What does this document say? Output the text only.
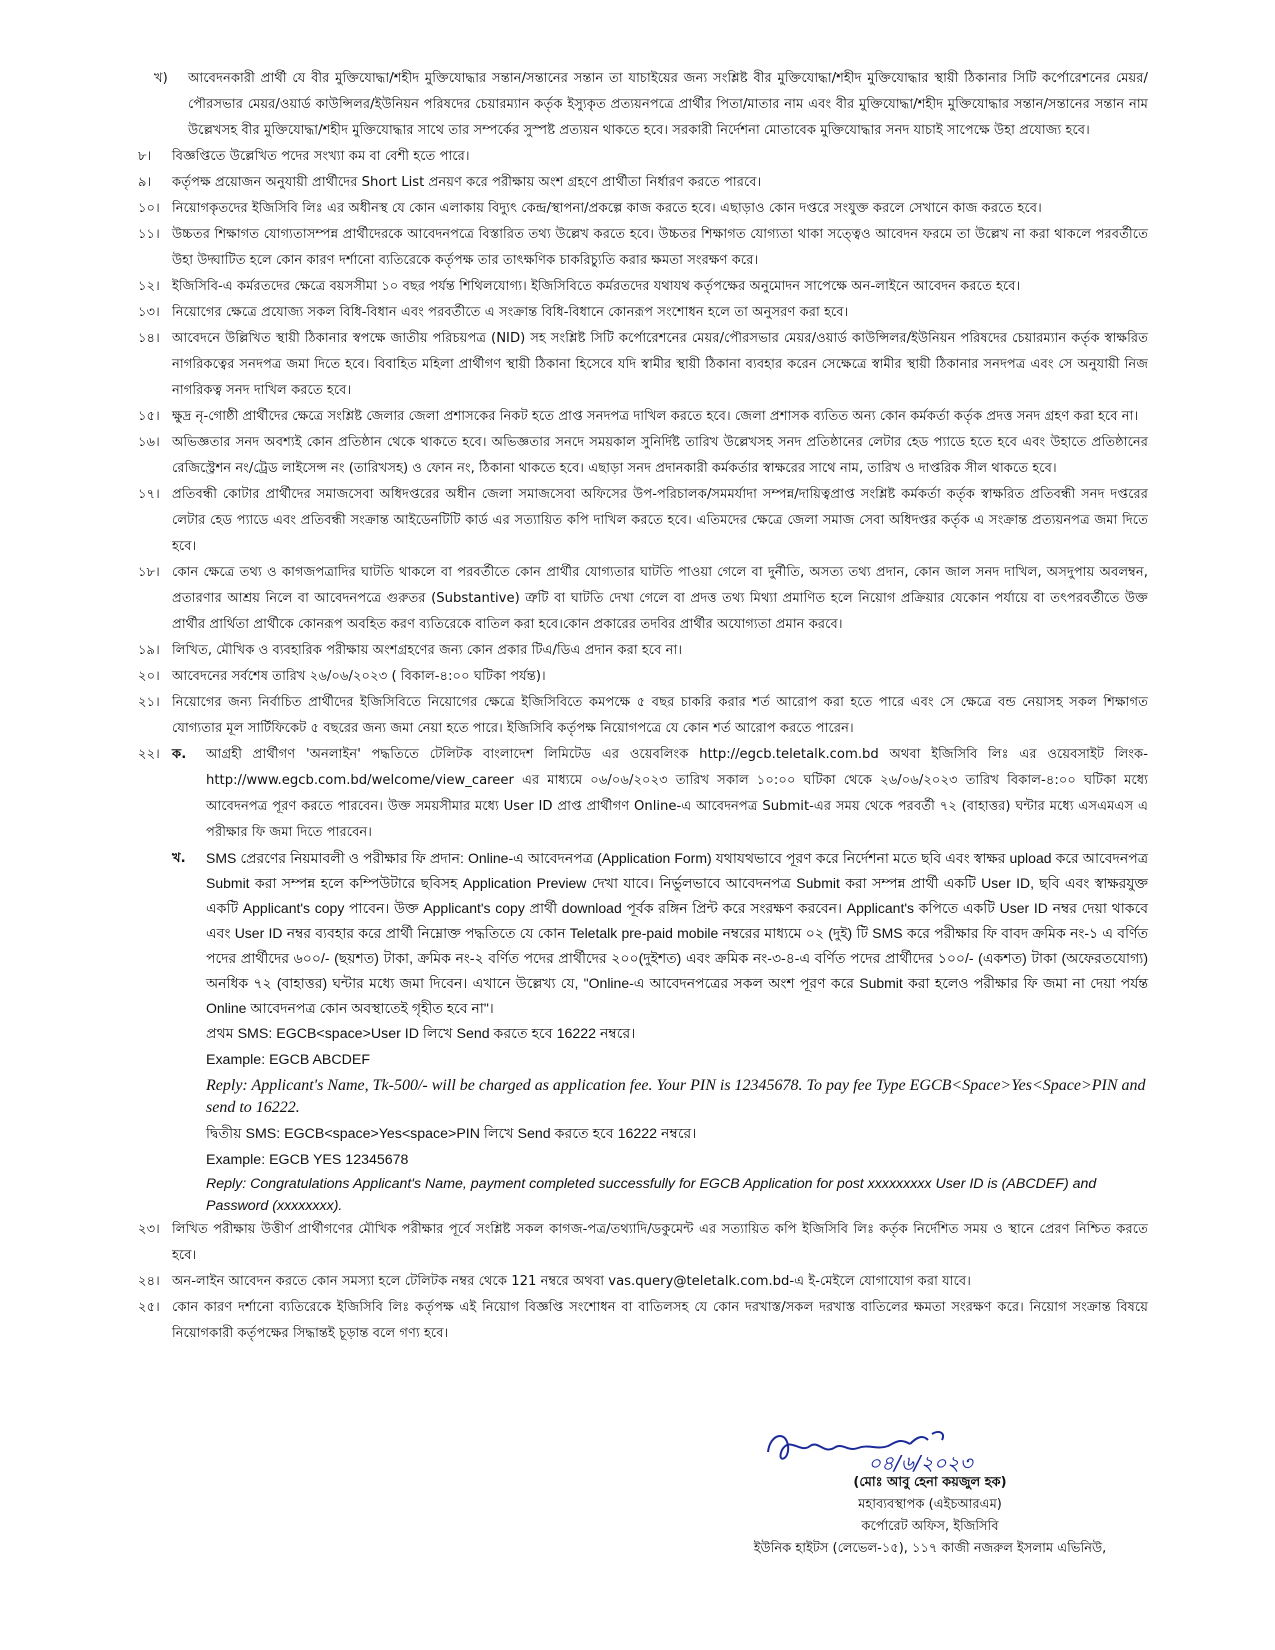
খ)	আবেদনকারী প্রার্থী যে বীর মুক্তিযোদ্ধা/শহীদ মুক্তিযোদ্ধার সন্তান/সন্তানের সন্তান তা যাচাইয়ের জন্য সংশ্লিষ্ট বীর মুক্তিযোদ্ধা/শহীদ মুক্তিযোদ্ধার স্থায়ী ঠিকানার সিটি কর্পোরেশনের মেয়র/পৌরসভার মেয়র/ওয়ার্ড কাউন্সিলর/ইউনিয়ন পরিষদের চেয়ারম্যান কর্তৃক ইস্যুকৃত প্রত্যয়নপত্রে প্রার্থীর পিতা/মাতার নাম এবং বীর মুক্তিযোদ্ধা/শহীদ মুক্তিযোদ্ধার সন্তান/সন্তানের সন্তান নাম উল্লেখসহ বীর মুক্তিযোদ্ধা/শহীদ মুক্তিযোদ্ধার সাথে তার সম্পর্কের সুস্পষ্ট প্রত্যয়ন থাকতে হবে। সরকারী নির্দেশনা মোতাবেক মুক্তিযোদ্ধার সনদ যাচাই সাপেক্ষে উহা প্রযোজ্য হবে।
৮।	বিজ্ঞপ্তিতে উল্লেখিত পদের সংখ্যা কম বা বেশী হতে পারে।
৯।	কর্তৃপক্ষ প্রয়োজন অনুযায়ী প্রার্থীদের Short List প্রনয়ণ করে পরীক্ষায় অংশ গ্রহণে প্রার্থীতা নির্ধারণ করতে পারবে।
১০। নিয়োগকৃতদের ইজিসিবি লিঃ এর অধীনস্থ যে কোন এলাকায় বিদ্যুৎ কেন্দ্র/স্থাপনা/প্রকল্পে কাজ করতে হবে। এছাড়াও কোন দপ্তরে সংযুক্ত করলে সেখানে কাজ করতে হবে।
১১। উচ্চতর শিক্ষাগত যোগ্যতাসম্পন্ন প্রার্থীদেরকে আবেদনপত্রে বিস্তারিত তথ্য উল্লেখ করতে হবে। উচ্চতর শিক্ষাগত যোগ্যতা থাকা সত্ত্বেও আবেদন ফরমে তা উল্লেখ না করা থাকলে পরবর্তীতে উহা উদ্ঘাটিত হলে কোন কারণ দর্শানো ব্যতিরেকে কর্তৃপক্ষ তার তাৎক্ষণিক চাকরিচ্যুতি করার ক্ষমতা সংরক্ষণ করে।
১২। ইজিসিবি-এ কর্মরতদের ক্ষেত্রে বয়সসীমা ১০ বছর পর্যন্ত শিথিলযোগ্য। ইজিসিবিতে কর্মরতদের যথাযথ কর্তৃপক্ষের অনুমোদন সাপেক্ষে অন-লাইনে আবেদন করতে হবে।
১৩। নিয়োগের ক্ষেত্রে প্রযোজ্য সকল বিধি-বিধান এবং পরবর্তীতে এ সংক্রান্ত বিধি-বিধানে কোনরূপ সংশোধন হলে তা অনুসরণ করা হবে।
১৪। আবেদনে উল্লিখিত স্থায়ী ঠিকানার স্বপক্ষে জাতীয় পরিচয়পত্র (NID) সহ সংশ্লিষ্ট সিটি কর্পোরেশনের মেয়র/পৌরসভার মেয়র/ওয়ার্ড কাউন্সিলর/ইউনিয়ন পরিষদের চেয়ারম্যান কর্তৃক স্বাক্ষরিত নাগরিকত্বের সনদপত্র জমা দিতে হবে। বিবাহিত মহিলা প্রার্থীগণ স্থায়ী ঠিকানা হিসেবে যদি স্বামীর স্থায়ী ঠিকানা ব্যবহার করেন সেক্ষেত্রে স্বামীর স্থায়ী ঠিকানার সনদপত্র এবং সে অনুযায়ী নিজ নাগরিকত্ব সনদ দাখিল করতে হবে।
১৫। ক্ষুদ্র নৃ-গোষ্ঠী প্রার্থীদের ক্ষেত্রে সংশ্লিষ্ট জেলার জেলা প্রশাসকের নিকট হতে প্রাপ্ত সনদপত্র দাখিল করতে হবে। জেলা প্রশাসক ব্যতিত অন্য কোন কর্মকর্তা কর্তৃক প্রদত্ত সনদ গ্রহণ করা হবে না।
১৬। অভিজ্ঞতার সনদ অবশ্যই কোন প্রতিষ্ঠান থেকে থাকতে হবে। অভিজ্ঞতার সনদে সময়কাল সুনির্দিষ্ট তারিখ উল্লেখসহ সনদ প্রতিষ্ঠানের লেটার হেড প্যাডে হতে হবে এবং উহাতে প্রতিষ্ঠানের রেজিস্ট্রেশন নং/ট্রেড লাইসেন্স নং (তারিখসহ) ও ফোন নং, ঠিকানা থাকতে হবে। এছাড়া সনদ প্রদানকারী কর্মকর্তার স্বাক্ষরের সাথে নাম, তারিখ ও দাপ্তরিক সীল থাকতে হবে।
১৭। প্রতিবন্ধী কোটার প্রার্থীদের সমাজসেবা অধিদপ্তরের অধীন জেলা সমাজসেবা অফিসের উপ-পরিচালক/সমমর্যাদা সম্পন্ন/দায়িত্বপ্রাপ্ত সংশ্লিষ্ট কর্মকর্তা কর্তৃক স্বাক্ষরিত প্রতিবন্ধী সনদ দপ্তরের লেটার হেড প্যাডে এবং প্রতিবন্ধী সংক্রান্ত আইডেনটিটি কার্ড এর সত্যায়িত কপি দাখিল করতে হবে। এতিমদের ক্ষেত্রে জেলা সমাজ সেবা অধিদপ্তর কর্তৃক এ সংক্রান্ত প্রত্যয়নপত্র জমা দিতে হবে।
১৮। কোন ক্ষেত্রে তথ্য ও কাগজপত্রাদির ঘাটতি থাকলে বা পরবর্তীতে কোন প্রার্থীর যোগ্যতার ঘাটতি পাওয়া গেলে বা দুর্নীতি, অসত্য তথ্য প্রদান, কোন জাল সনদ দাখিল, অসদুপায় অবলম্বন, প্রতারণার আশ্রয় নিলে বা আবেদনপত্রে গুরুতর (Substantive) ত্রুটি বা ঘাটতি দেখা গেলে বা প্রদত্ত তথ্য মিথ্যা প্রমাণিত হলে নিয়োগ প্রক্রিয়ার যেকোন পর্যায়ে বা তৎপরবর্তীতে উক্ত প্রার্থীর প্রার্থিতা প্রার্থীকে কোনরূপ অবহিত করণ ব্যতিরেকে বাতিল করা হবে।কোন প্রকারের তদবির প্রার্থীর অযোগ্যতা প্রমান করবে।
১৯। লিখিত, মৌখিক ও ব্যবহারিক পরীক্ষায় অংশগ্রহণের জন্য কোন প্রকার টিএ/ডিএ প্রদান করা হবে না।
২০। আবেদনের সর্বশেষ তারিখ ২৬/০৬/২০২৩ ( বিকাল-৪:০০ ঘটিকা পর্যন্ত)।
২১। নিয়োগের জন্য নির্বাচিত প্রার্থীদের ইজিসিবিতে নিয়োগের ক্ষেত্রে ইজিসিবিতে কমপক্ষে ৫ বছর চাকরি করার শর্ত আরোপ করা হতে পারে এবং সে ক্ষেত্রে বন্ড নেয়াসহ সকল শিক্ষাগত যোগ্যতার মূল সার্টিফিকেট ৫ বছরের জন্য জমা নেয়া হতে পারে। ইজিসিবি কর্তৃপক্ষ নিয়োগপত্রে যে কোন শর্ত আরোপ করতে পারেন।
২২। ক.	আগ্রহী প্রার্থীগণ 'অনলাইন' পদ্ধতিতে টেলিটক বাংলাদেশ লিমিটেড এর ওয়েবলিংক http://egcb.teletalk.com.bd অথবা ইজিসিবি লিঃ এর ওয়েবসাইট লিংক-http://www.egcb.com.bd/welcome/view_career এর মাধ্যমে ০৬/০৬/২০২৩ তারিখ সকাল ১০:০০ ঘটিকা থেকে ২৬/০৬/২০২৩ তারিখ বিকাল-৪:০০ ঘটিকা মধ্যে আবেদনপত্র পূরণ করতে পারবেন। উক্ত সময়সীমার মধ্যে User ID প্রাপ্ত প্রার্থীগণ Online-এ আবেদনপত্র Submit-এর সময় থেকে পরবর্তী ৭২ (বাহাত্তর) ঘন্টার মধ্যে এসএমএস এ পরীক্ষার ফি জমা দিতে পারবেন।
খ.	SMS প্রেরণের নিয়মাবলী ও পরীক্ষার ফি প্রদান: Online-এ আবেদনপত্র (Application Form) যথাযথভাবে পূরণ করে নির্দেশনা মতে ছবি এবং স্বাক্ষর upload করে আবেদনপত্র Submit করা সম্পন্ন হলে কম্পিউটারে ছবিসহ Application Preview দেখা যাবে। নির্ভুলভাবে আবেদনপত্র Submit করা সম্পন্ন প্রার্থী একটি User ID, ছবি এবং স্বাক্ষরযুক্ত একটি Applicant's copy পাবেন। উক্ত Applicant's copy প্রার্থী download পূর্বক রঙ্গিন প্রিন্ট করে সংরক্ষণ করবেন। Applicant's কপিতে একটি User ID নম্বর দেয়া থাকবে এবং User ID নম্বর ব্যবহার করে প্রার্থী নিম্নোক্ত পদ্ধতিতে যে কোন Teletalk pre-paid mobile নম্বরের মাধ্যমে ০২ (দুই) টি SMS করে পরীক্ষার ফি বাবদ ক্রমিক নং-১ এ বর্ণিত পদের প্রার্থীদের ৬০০/- (ছয়শত) টাকা, ক্রমিক নং-২ বর্ণিত পদের প্রার্থীদের ২০০(দুইশত) এবং ক্রমিক নং-৩-৪-এ বর্ণিত পদের প্রার্থীদের ১০০/- (একশত) টাকা (অফেরতযোগ্য) অনধিক ৭২ (বাহাত্তর) ঘন্টার মধ্যে জমা দিবেন। এখানে উল্লেখ্য যে, "Online-এ আবেদনপত্রের সকল অংশ পূরণ করে Submit করা হলেও পরীক্ষার ফি জমা না দেয়া পর্যন্ত Online আবেদনপত্র কোন অবস্থাতেই গৃহীত হবে না"।
প্রথম SMS: EGCB<space>User ID লিখে Send করতে হবে 16222 নম্বরে।
Example: EGCB ABCDEF
Reply: Applicant's Name, Tk-500/- will be charged as application fee. Your PIN is 12345678. To pay fee Type EGCB<Space>Yes<Space>PIN and send to 16222.
দ্বিতীয় SMS: EGCB<space>Yes<space>PIN লিখে Send করতে হবে 16222 নম্বরে।
Example: EGCB YES 12345678
Reply: Congratulations Applicant's Name, payment completed successfully for EGCB Application for post xxxxxxxxx User ID is (ABCDEF) and Password (xxxxxxxx).
২৩। লিখিত পরীক্ষায় উত্তীর্ণ প্রার্থীগণের মৌখিক পরীক্ষার পূর্বে সংশ্লিষ্ট সকল কাগজ-পত্র/তথ্যাদি/ডকুমেন্ট এর সত্যায়িত কপি ইজিসিবি লিঃ কর্তৃক নির্দেশিত সময় ও স্থানে প্রেরণ নিশ্চিত করতে হবে।
২৪। অন-লাইন আবেদন করতে কোন সমস্যা হলে টেলিটক নম্বর থেকে 121 নম্বরে অথবা vas.query@teletalk.com.bd-এ ই-মেইলে যোগাযোগ করা যাবে।
২৫। কোন কারণ দর্শানো ব্যতিরেকে ইজিসিবি লিঃ কর্তৃপক্ষ এই নিয়োগ বিজ্ঞপ্তি সংশোধন বা বাতিলসহ যে কোন দরখাস্ত/সকল দরখাস্ত বাতিলের ক্ষমতা সংরক্ষণ করে। নিয়োগ সংক্রান্ত বিষয়ে নিয়োগকারী কর্তৃপক্ষের সিদ্ধান্তই চূড়ান্ত বলে গণ্য হবে।
০৪/৬/২০২৩
(মোঃ আবু হেনা কয়জুল হক)
মহাব্যবস্থাপক (এইচআরএম)
কর্পোরেট অফিস, ইজিসিবি
ইউনিক হাইটস (লেভেল-১৫), ১১৭ কাজী নজরুল ইসলাম এভিনিউ,
